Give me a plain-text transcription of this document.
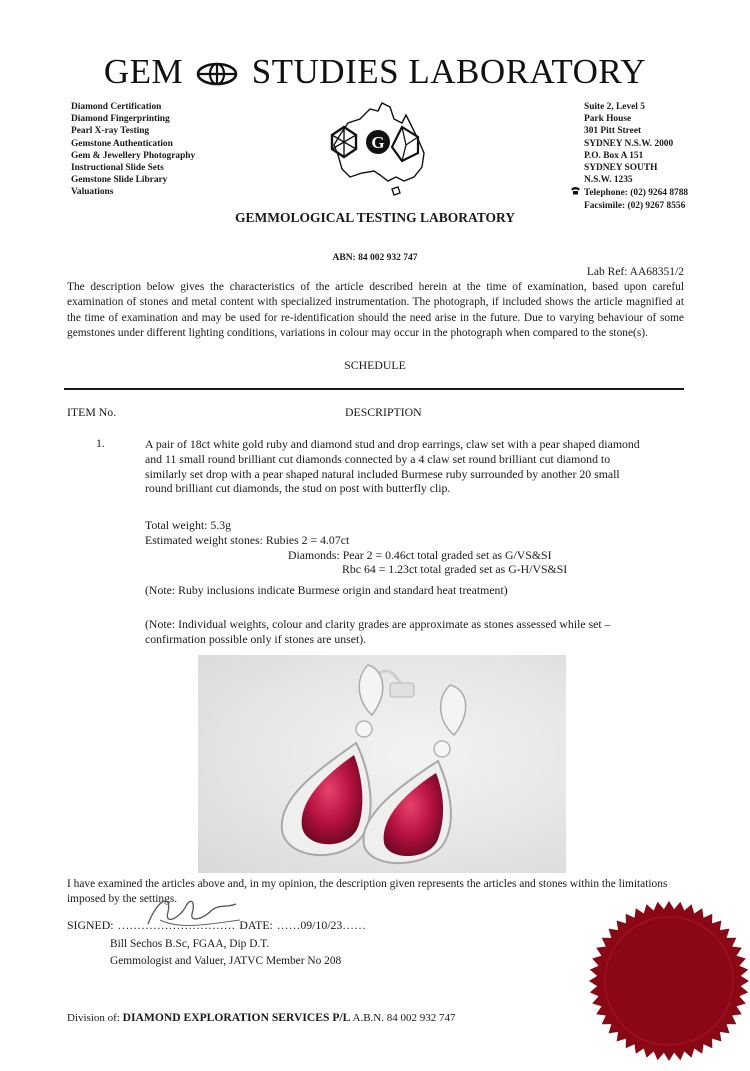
GEM STUDIES LABORATORY
Diamond Certification
Diamond Fingerprinting
Pearl X-ray Testing
Gemstone Authentication
Gem & Jewellery Photography
Instructional Slide Sets
Gemstone Slide Library
Valuations
G
Suite 2, Level 5
Park House
301 Pitt Street
SYDNEY N.S.W. 2000
P.O. Box A 151
SYDNEY SOUTH
N.S.W. 1235
Telephone: (02) 9264 8788
Facsimile: (02) 9267 8556
GEMMOLOGICAL TESTING LABORATORY
ABN: 84 002 932 747
Lab Ref: AA68351/2
The description below gives the characteristics of the article described herein at the time of examination, based upon careful examination of stones and metal content with specialized instrumentation. The photograph, if included shows the article magnified at the time of examination and may be used for re-identification should the need arise in the future. Due to varying behaviour of some gemstones under different lighting conditions, variations in colour may occur in the photograph when compared to the stone(s).
SCHEDULE
ITEM No.	DESCRIPTION
1.	A pair of 18ct white gold ruby and diamond stud and drop earrings, claw set with a pear shaped diamond and 11 small round brilliant cut diamonds connected by a 4 claw set round brilliant cut diamond to similarly set drop with a pear shaped natural included Burmese ruby surrounded by another 20 small round brilliant cut diamonds, the stud on post with butterfly clip.

Total weight: 5.3g
Estimated weight stones: Rubies 2 = 4.07ct
Diamonds: Pear 2 = 0.46ct total graded set as G/VS&SI
Rbc 64 = 1.23ct total graded set as G-H/VS&SI
(Note: Ruby inclusions indicate Burmese origin and standard heat treatment)
(Note: Individual weights, colour and clarity grades are approximate as stones assessed while set – confirmation possible only if stones are unset).
I have examined the articles above and, in my opinion, the description given represents the articles and stones within the limitations imposed by the settings.
SIGNED: ………………………… DATE: ……09/10/23……
Bill Sechos B.Sc, FGAA, Dip D.T.
Gemmologist and Valuer, JATVC Member No 208
Division of: DIAMOND EXPLORATION SERVICES P/L A.B.N. 84 002 932 747
